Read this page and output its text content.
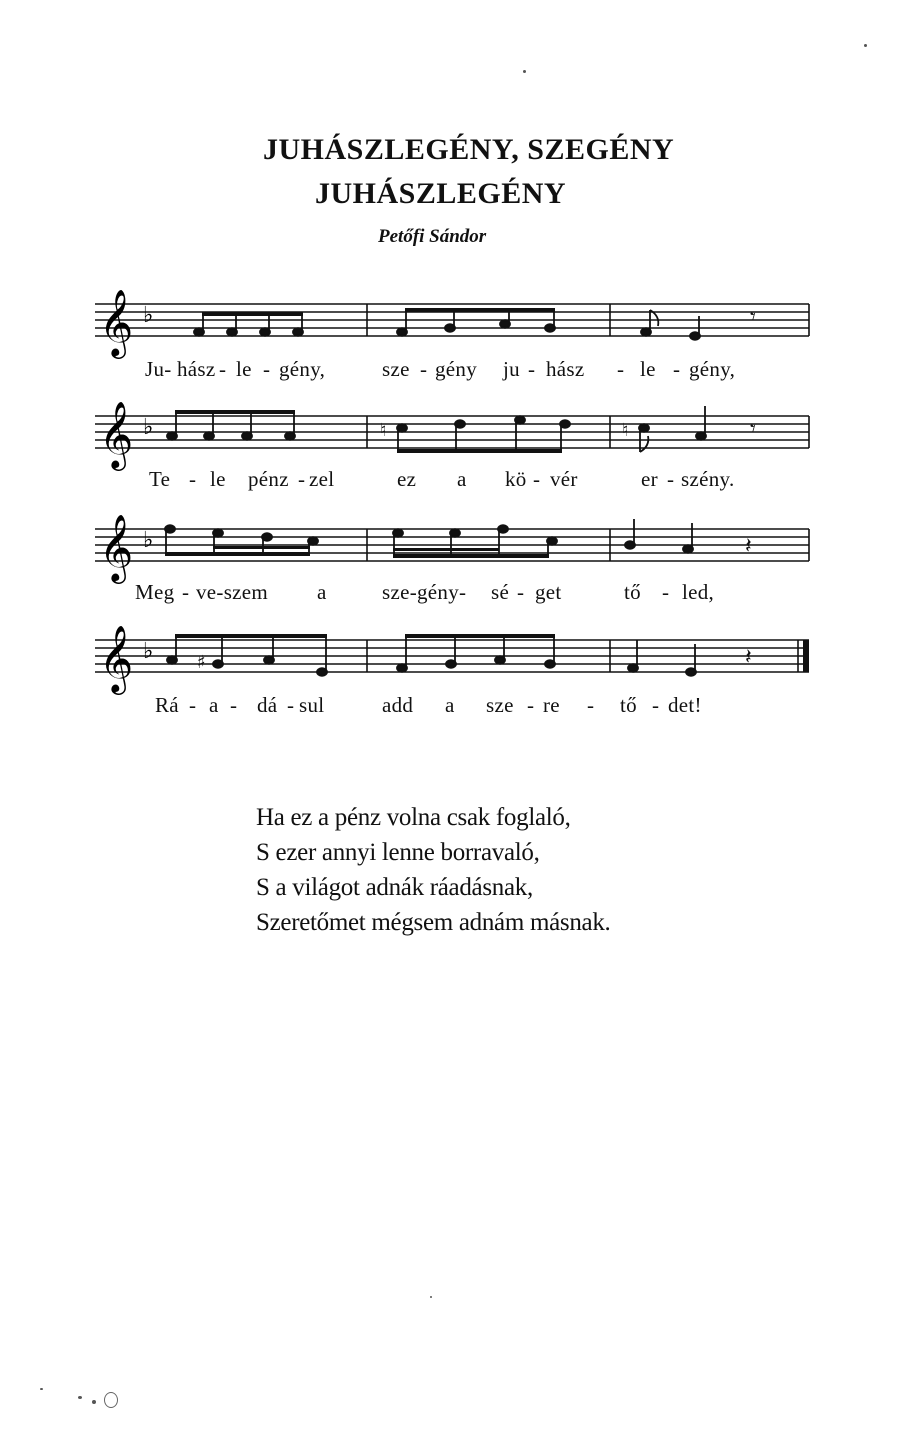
JUHÁSZLEGÉNY, SZEGÉNY
JUHÁSZLEGÉNY
Petőfi Sándor
𝄞 ♭	𝄾
Ju- hász - le - gény,	sze - gény ju - hász - le - gény,
𝄞 ♭	♮	♮	𝄾
Te - le pénz - zel	ez a kö - vér	er - szény.
𝄞 ♭	𝄽
Meg - ve-szem a	sze-gény- sé - get	tő - led,
𝄞 ♭ ♯	𝄽
Rá - a - dá - sul	add a sze - re - tő - det!
Ha ez a pénz volna csak foglaló,
S ezer annyi lenne borravaló,
S a világot adnák ráadásnak,
Szeretőmet mégsem adnám másnak.
